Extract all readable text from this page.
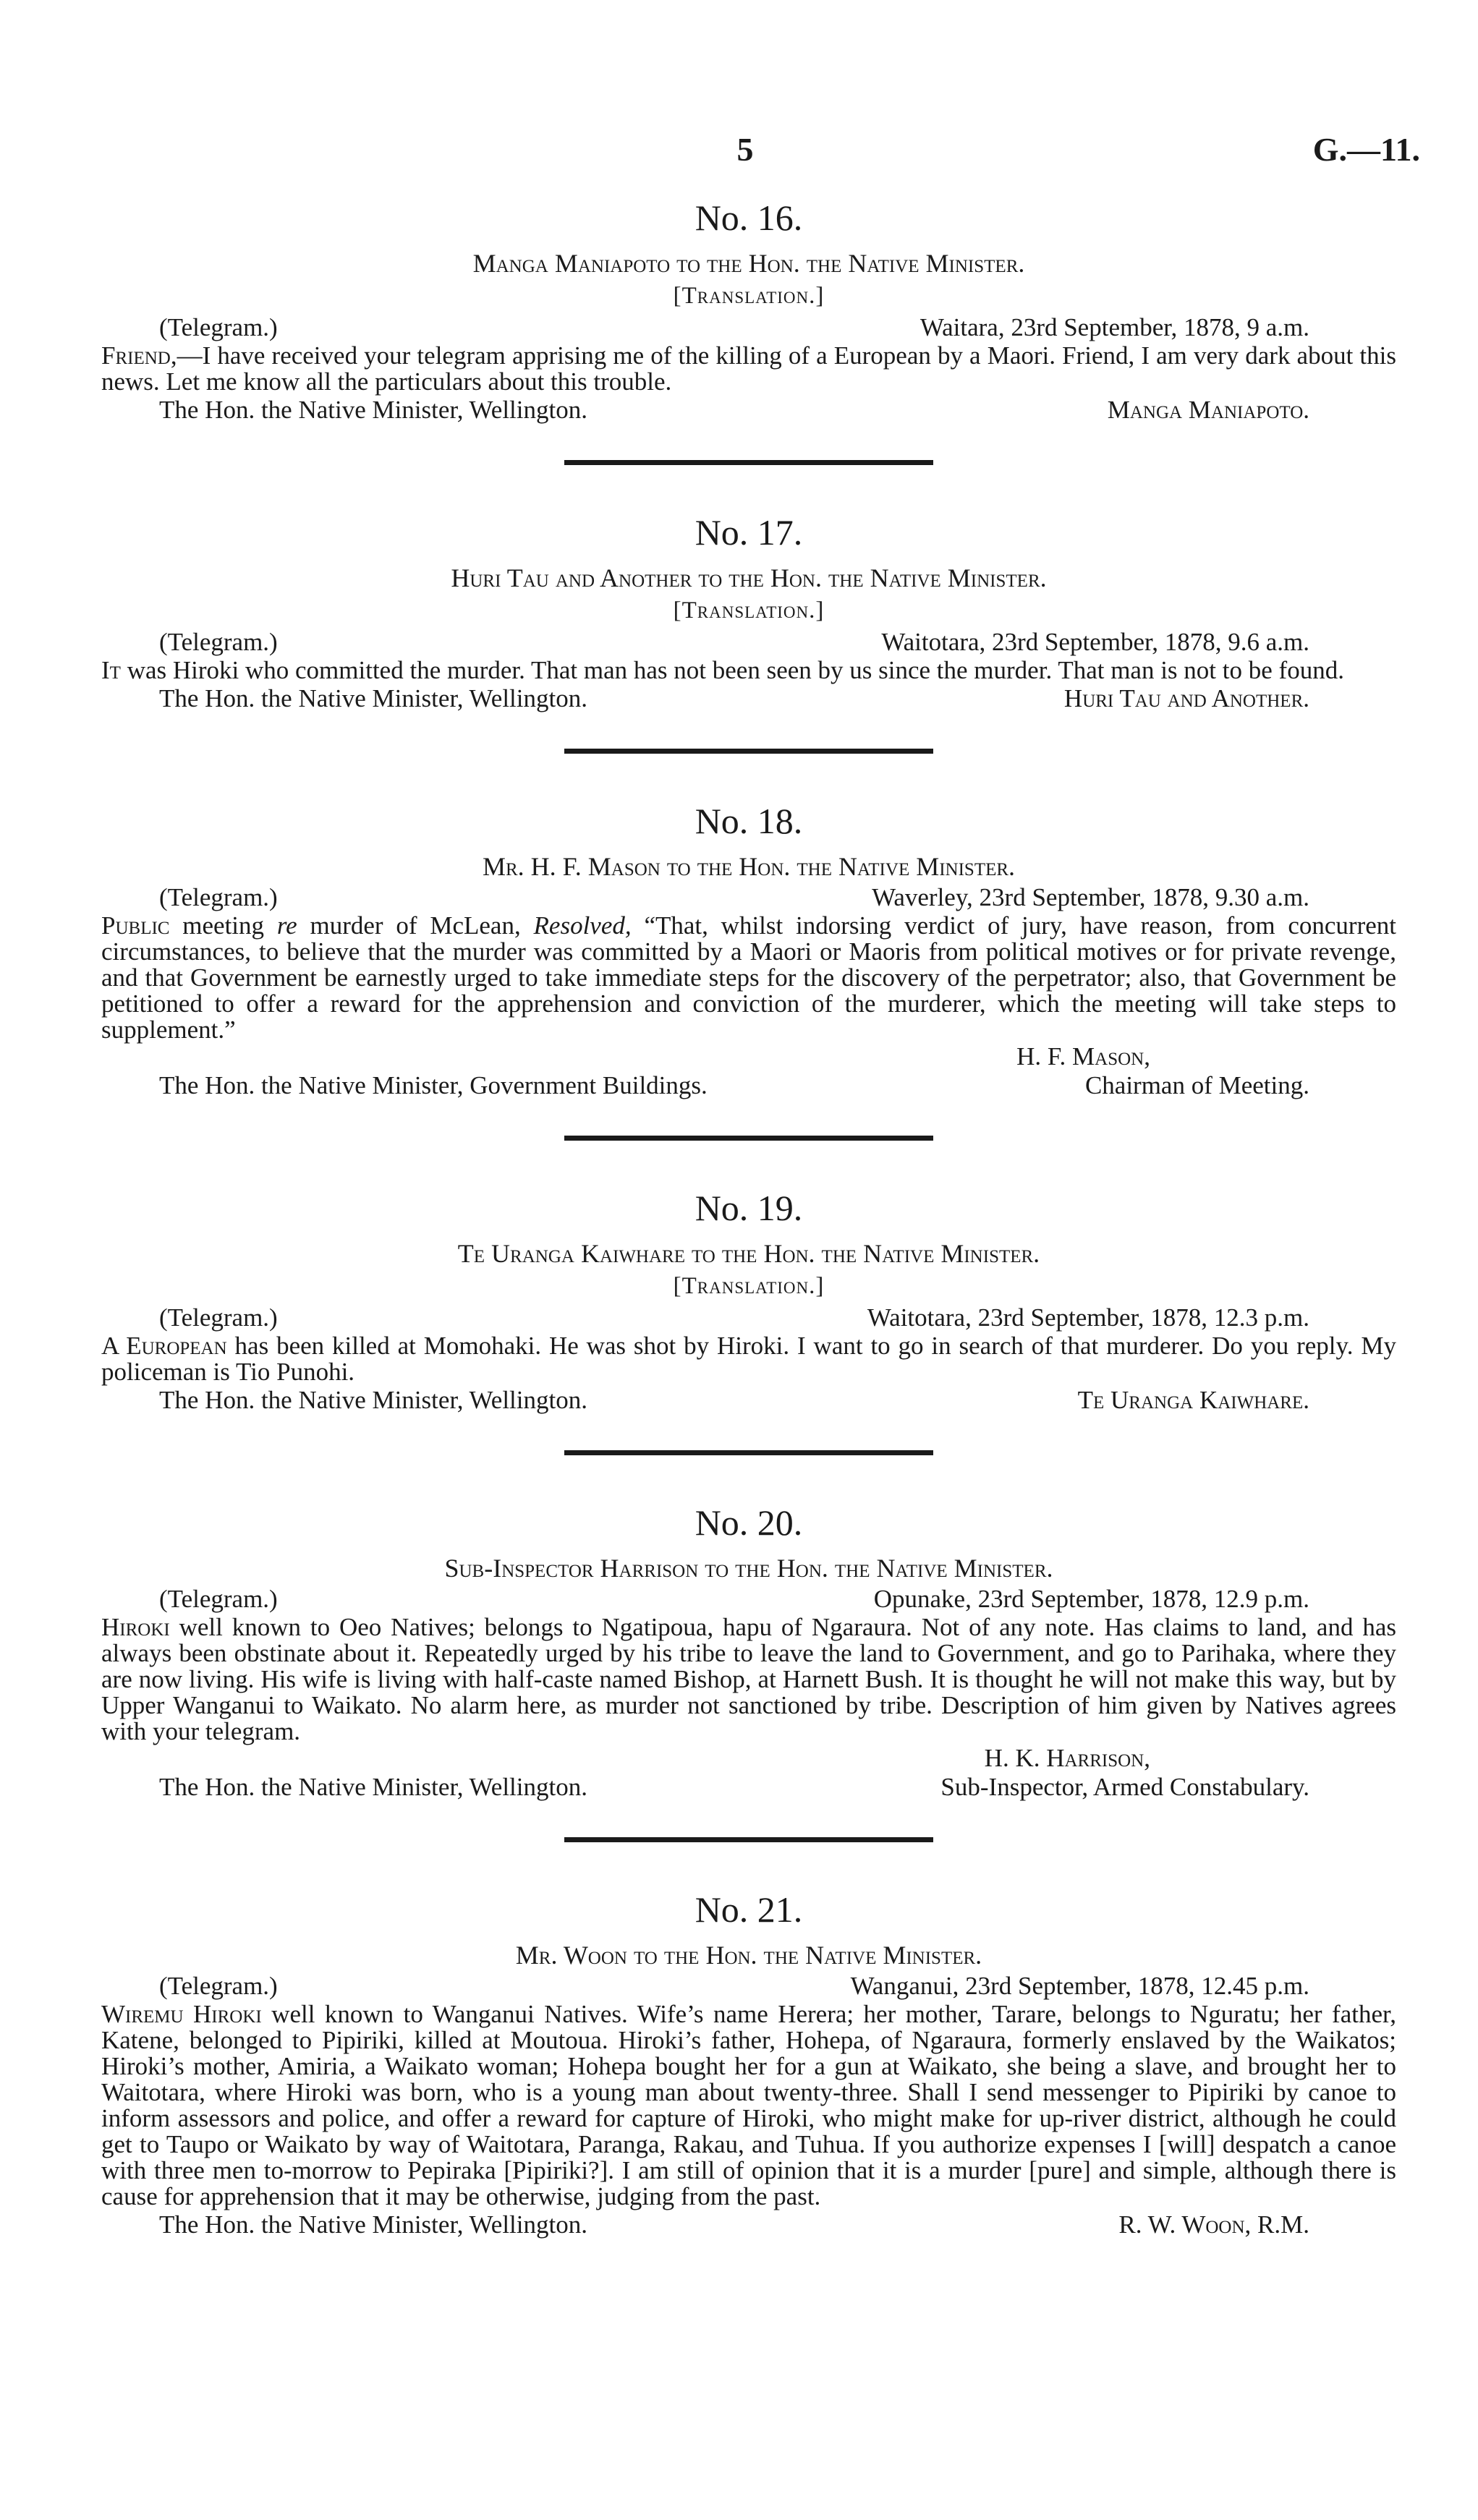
5	G.—11.
No. 16.
Manga Maniapoto to the Hon. the Native Minister.
[Translation.]
(Telegram.)	Waitara, 23rd September, 1878, 9 a.m.

Friend,—I have received your telegram apprising me of the killing of a European by a Maori. Friend, I am very dark about this news. Let me know all the particulars about this trouble.

The Hon. the Native Minister, Wellington.	Manga Maniapoto.
No. 17.
Huri Tau and Another to the Hon. the Native Minister.
[Translation.]
(Telegram.)	Waitotara, 23rd September, 1878, 9.6 a.m.

It was Hiroki who committed the murder. That man has not been seen by us since the murder. That man is not to be found.

The Hon. the Native Minister, Wellington.	Huri Tau and Another.
No. 18.
Mr. H. F. Mason to the Hon. the Native Minister.
(Telegram.)	Waverley, 23rd September, 1878, 9.30 a.m.

Public meeting re murder of McLean, Resolved, “That, whilst indorsing verdict of jury, have reason, from concurrent circumstances, to believe that the murder was committed by a Maori or Maoris from political motives or for private revenge, and that Government be earnestly urged to take immediate steps for the discovery of the perpetrator; also, that Government be petitioned to offer a reward for the apprehension and conviction of the murderer, which the meeting will take steps to supplement.”

H. F. Mason,
The Hon. the Native Minister, Government Buildings.	Chairman of Meeting.
No. 19.
Te Uranga Kaiwhare to the Hon. the Native Minister.
[Translation.]
(Telegram.)	Waitotara, 23rd September, 1878, 12.3 p.m.

A European has been killed at Momohaki. He was shot by Hiroki. I want to go in search of that murderer. Do you reply. My policeman is Tio Punohi.

The Hon. the Native Minister, Wellington.	Te Uranga Kaiwhare.
No. 20.
Sub-Inspector Harrison to the Hon. the Native Minister.
(Telegram.)	Opunake, 23rd September, 1878, 12.9 p.m.

Hiroki well known to Oeo Natives; belongs to Ngatipoua, hapu of Ngaraura. Not of any note. Has claims to land, and has always been obstinate about it. Repeatedly urged by his tribe to leave the land to Government, and go to Parihaka, where they are now living. His wife is living with half-caste named Bishop, at Harnett Bush. It is thought he will not make this way, but by Upper Wanganui to Waikato. No alarm here, as murder not sanctioned by tribe. Description of him given by Natives agrees with your telegram.

H. K. Harrison,
The Hon. the Native Minister, Wellington.	Sub-Inspector, Armed Constabulary.
No. 21.
Mr. Woon to the Hon. the Native Minister.
(Telegram.)	Wanganui, 23rd September, 1878, 12.45 p.m.

Wiremu Hiroki well known to Wanganui Natives. Wife’s name Herera; her mother, Tarare, belongs to Nguratu; her father, Katene, belonged to Pipiriki, killed at Moutoua. Hiroki’s father, Hohepa, of Ngaraura, formerly enslaved by the Waikatos; Hiroki’s mother, Amiria, a Waikato woman; Hohepa bought her for a gun at Waikato, she being a slave, and brought her to Waitotara, where Hiroki was born, who is a young man about twenty-three. Shall I send messenger to Pipiriki by canoe to inform assessors and police, and offer a reward for capture of Hiroki, who might make for up-river district, although he could get to Taupo or Waikato by way of Waitotara, Paranga, Rakau, and Tuhua. If you authorize expenses I [will] despatch a canoe with three men to-morrow to Pepiraka [Pipiriki?]. I am still of opinion that it is a murder [pure] and simple, although there is cause for apprehension that it may be otherwise, judging from the past.

The Hon. the Native Minister, Wellington.	R. W. Woon, R.M.
